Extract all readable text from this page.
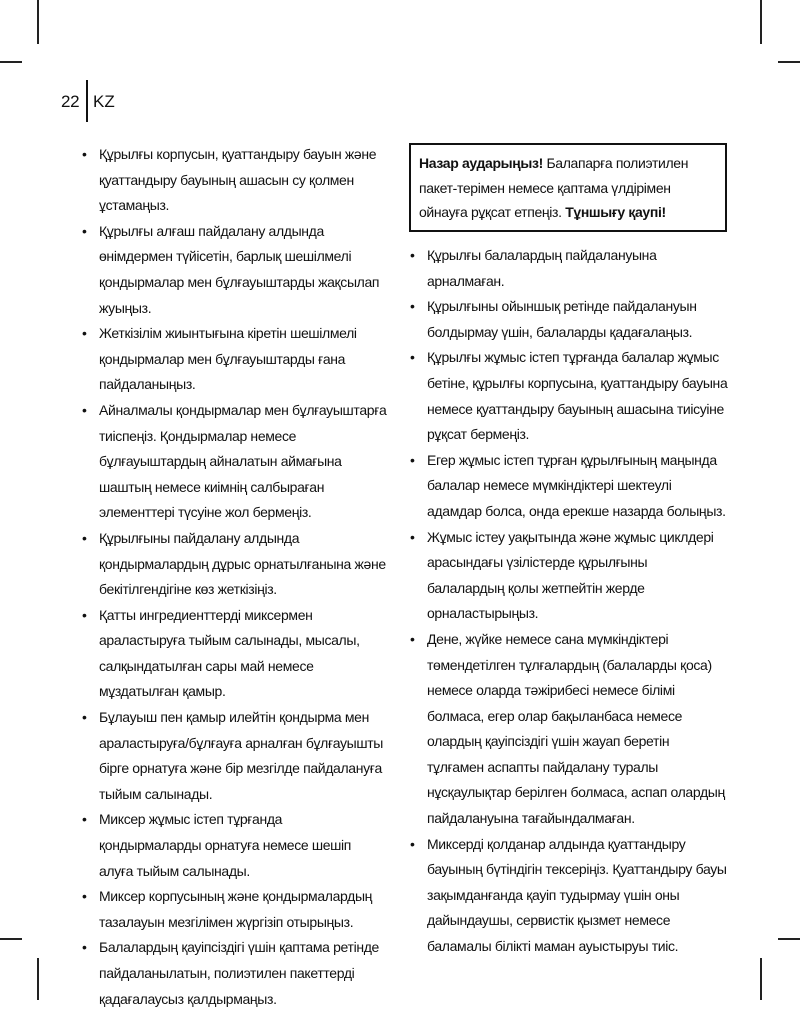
22 KZ
• Құрылғы корпусын, қуаттандыру бауын және қуаттандыру бауының ашасын су қолмен ұстамаңыз.
• Құрылғы алғаш пайдалану алдында өнімдермен түйісетін, барлық шешілмелі қондырмалар мен бұлғауыштарды жақсылап жуыңыз.
• Жеткізілім жиынтығына кіретін шешілмелі қондырмалар мен бұлғауыштарды ғана пайдаланыңыз.
• Айналмалы қондырмалар мен бұлғауыштарға тиіспеңіз. Қондырмалар немесе бұлғауыштардың айналатын аймағына шаштың немесе киімнің салбыраған элементтері түсуіне жол бермеңіз.
• Құрылғыны пайдалану алдында қондырмалардың дұрыс орнатылғанына және бекітілгендігіне көз жеткізіңіз.
• Қатты ингредиенттерді миксермен араластыруға тыйым салынады, мысалы, салқындатылған сары май немесе мұздатылған қамыр.
• Бұлауыш пен қамыр илейтін қондырма мен араластыруға/бұлғауға арналған бұлғауышты бірге орнатуға және бір мезгілде пайдалануға тыйым салынады.
• Миксер жұмыс істеп тұрғанда қондырмаларды орнатуға немесе шешіп алуға тыйым салынады.
• Миксер корпусының және қондырмалардың тазалауын мезгілімен жүргізіп отырыңыз.
• Балалардың қауіпсіздігі үшін қаптама ретінде пайдаланылатын, полиэтилен пакеттерді қадағалаусыз қалдырмаңыз.
Назар аударыңыз! Балапарға полиэтилен пакет-терімен немесе қаптама үлдірімен ойнауға рұқсат етпеңіз. Тұншығу қаупі!
• Құрылғы балалардың пайдалануына арналмаған.
• Құрылғыны ойыншық ретінде пайдалануын болдырмау үшін, балаларды қадағалаңыз.
• Құрылғы жұмыс істеп тұрғанда балалар жұмыс бетіне, құрылғы корпусына, қуаттандыру бауына немесе қуаттандыру бауының ашасына тиісуіне рұқсат бермеңіз.
• Егер жұмыс істеп тұрған құрылғының маңында балалар немесе мүмкіндіктері шектеулі адамдар болса, онда ерекше назарда болыңыз.
• Жұмыс істеу уақытында және жұмыс циклдері арасындағы үзілістерде құрылғыны балалардың қолы жетпейтін жерде орналастырыңыз.
• Дене, жүйке немесе сана мүмкіндіктері төмендетілген тұлғалардың (балаларды қоса) немесе оларда тәжірибесі немесе білімі болмаса, егер олар бақыланбаса немесе олардың қауіпсіздігі үшін жауап беретін тұлғамен аспапты пайдалану туралы нұсқаулықтар берілген болмаса, аспап олардың пайдалануына тағайындалмаған.
• Миксерді қолданар алдында қуаттандыру бауының бүтіндігін тексеріңіз. Қуаттандыру бауы зақымданғанда қауіп тудырмау үшін оны дайындаушы, сервистік қызмет немесе баламалы білікті маман ауыстыруы тиіс.
